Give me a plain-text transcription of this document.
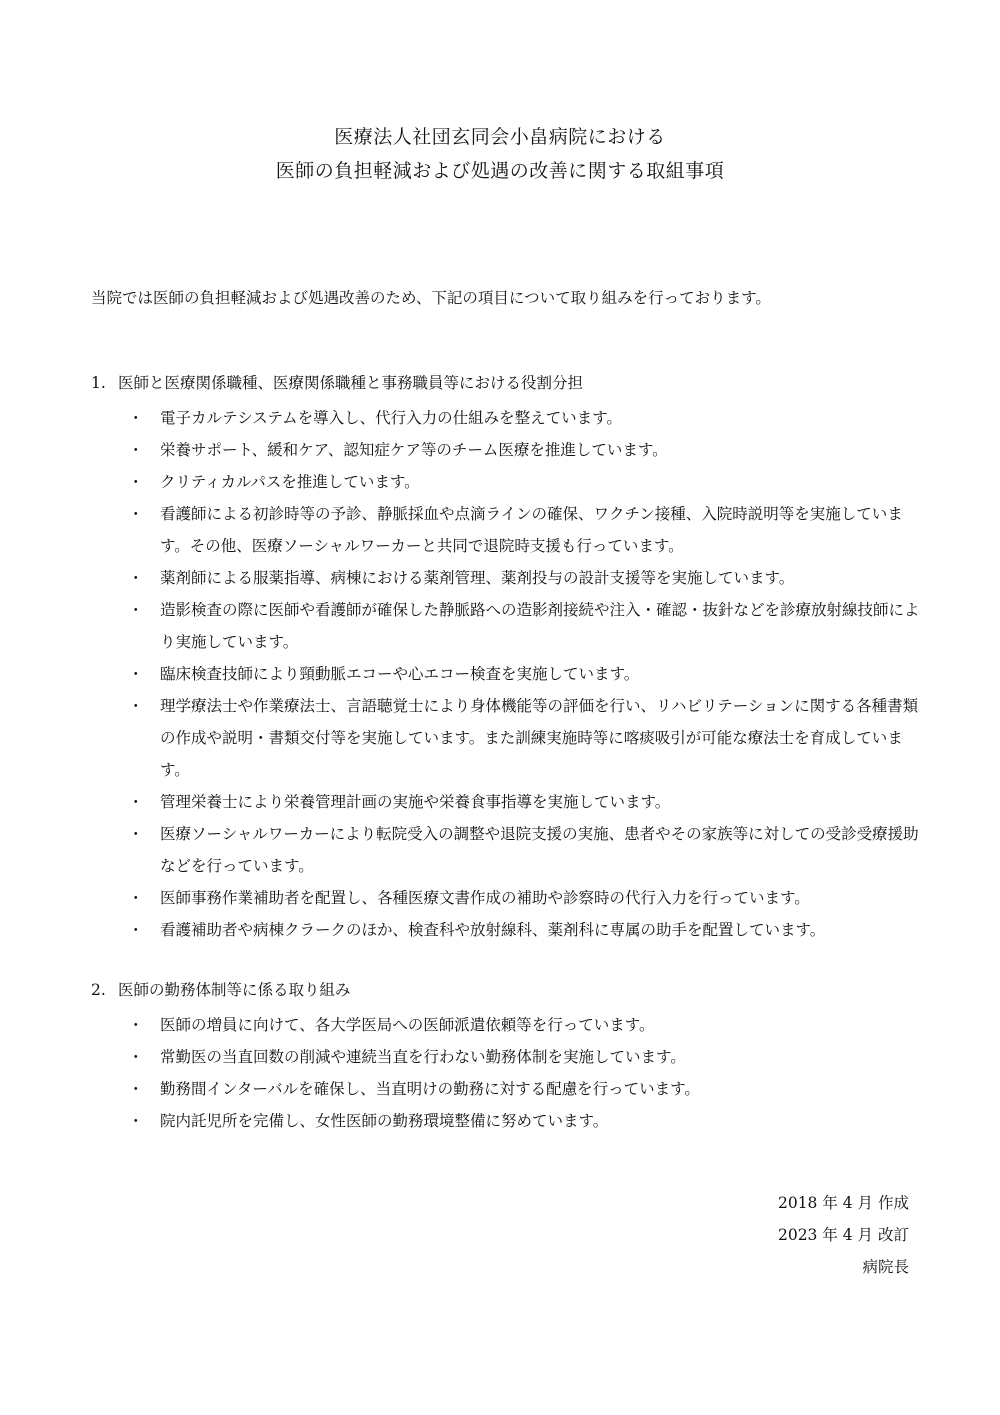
医療法人社団玄同会小畠病院における
医師の負担軽減および処遇の改善に関する取組事項
当院では医師の負担軽減および処遇改善のため、下記の項目について取り組みを行っております。
1. 医師と医療関係職種、医療関係職種と事務職員等における役割分担
・ 電子カルテシステムを導入し、代行入力の仕組みを整えています。
・ 栄養サポート、緩和ケア、認知症ケア等のチーム医療を推進しています。
・ クリティカルパスを推進しています。
・ 看護師による初診時等の予診、静脈採血や点滴ラインの確保、ワクチン接種、入院時説明等を実施しています。その他、医療ソーシャルワーカーと共同で退院時支援も行っています。
・ 薬剤師による服薬指導、病棟における薬剤管理、薬剤投与の設計支援等を実施しています。
・ 造影検査の際に医師や看護師が確保した静脈路への造影剤接続や注入・確認・抜針などを診療放射線技師により実施しています。
・ 臨床検査技師により頸動脈エコーや心エコー検査を実施しています。
・ 理学療法士や作業療法士、言語聴覚士により身体機能等の評価を行い、リハビリテーションに関する各種書類の作成や説明・書類交付等を実施しています。また訓練実施時等に喀痰吸引が可能な療法士を育成しています。
・ 管理栄養士により栄養管理計画の実施や栄養食事指導を実施しています。
・ 医療ソーシャルワーカーにより転院受入の調整や退院支援の実施、患者やその家族等に対しての受診受療援助などを行っています。
・ 医師事務作業補助者を配置し、各種医療文書作成の補助や診察時の代行入力を行っています。
・ 看護補助者や病棟クラークのほか、検査科や放射線科、薬剤科に専属の助手を配置しています。
2. 医師の勤務体制等に係る取り組み
・ 医師の増員に向けて、各大学医局への医師派遣依頼等を行っています。
・ 常勤医の当直回数の削減や連続当直を行わない勤務体制を実施しています。
・ 勤務間インターバルを確保し、当直明けの勤務に対する配慮を行っています。
・ 院内託児所を完備し、女性医師の勤務環境整備に努めています。
2018 年 4 月 作成
2023 年 4 月 改訂
病院長
